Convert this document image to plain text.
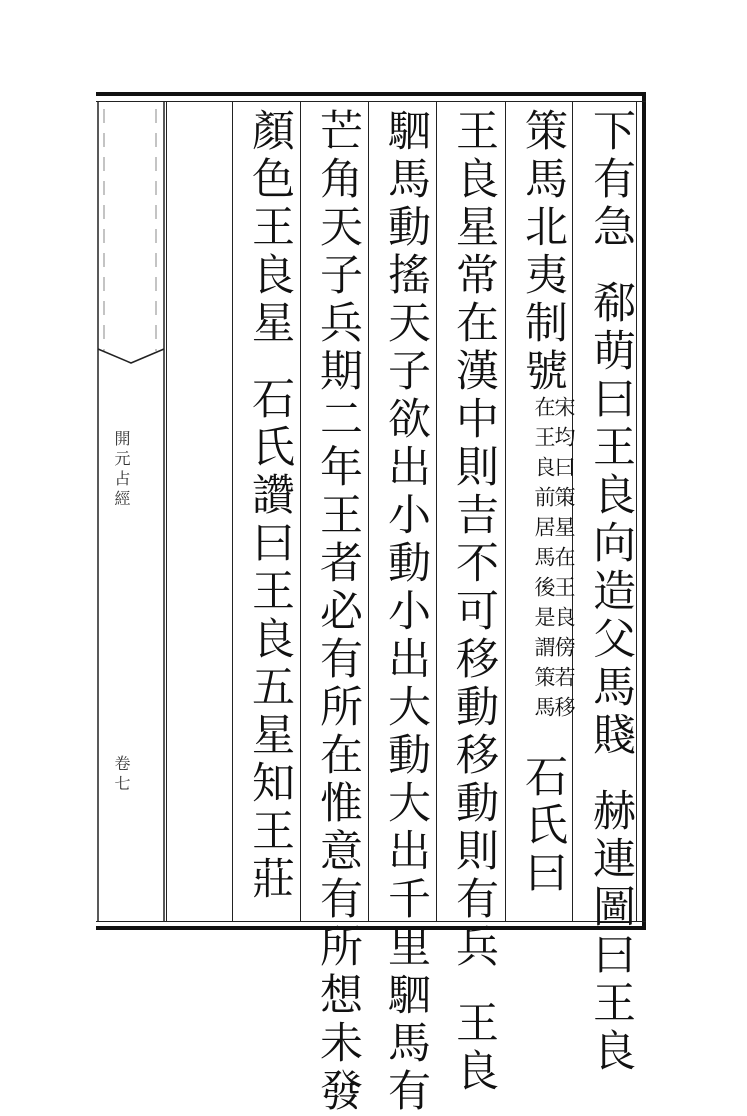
開元占經
卷七
下有急郗萌曰王良向造父馬賤赫連圖曰王良
策馬北夷制號
宋均曰策星在王良傍若移
在王良前居馬後是謂策馬
石氏曰
王良星常在漢中則吉不可移動移動則有兵王良
駟馬動搖天子欲出小動小出大動大出千里駟馬有
芒角天子兵期二年王者必有所在惟意有所想未發
顏色王良星石氏讚曰王良五星知王莊
